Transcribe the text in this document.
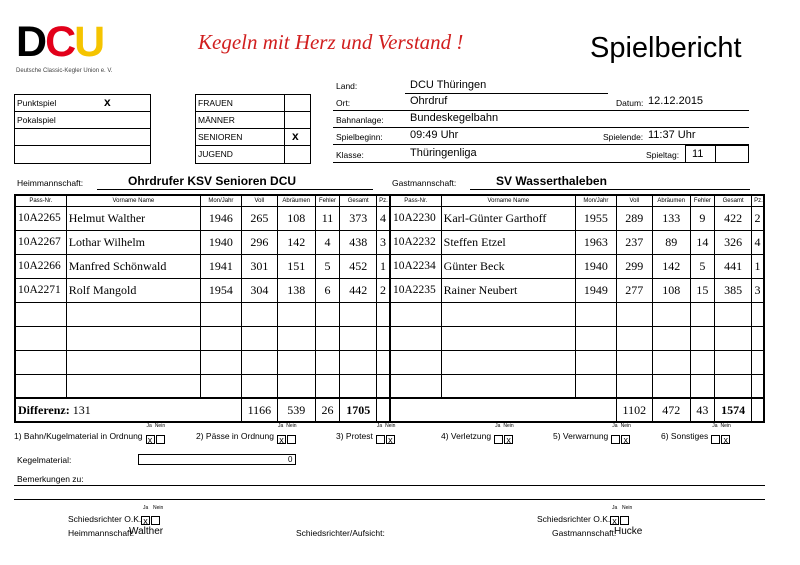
DCU
Deutsche Classic-Kegler Union e. V.
Kegeln mit Herz und Verstand !	Spielbericht
Punktspiel	x
Pokalspiel
FRAUEN
MÄNNER
SENIOREN	x
JUGEND
Land:	DCU Thüringen
Ort:	Ohrdruf	Datum: 12.12.2015
Bahnanlage: Bundeskegelbahn
Spielbeginn: 09:49 Uhr	Spielende: 11:37 Uhr
Klasse:	Thüringenliga	Spieltag: 11
Heimmannschaft:	Ohrdrufer KSV Senioren DCU	Gastmannschaft:	SV Wasserthaleben
Pass-Nr.	Vorname Name	Mon/Jahr	Voll	Abräumen	Fehler	Gesamt	Pz.	Pass-Nr.	Vorname Name	Mon/Jahr	Voll	Abräumen	Fehler	Gesamt	Pz.
10A2265	Helmut Walther	1946	265	108	11	373	4	10A2230	Karl-Günter Garthoff	1955	289	133	9	422	2
10A2267	Lothar Wilhelm	1940	296	142	4	438	3	10A2232	Steffen Etzel	1963	237	89	14	326	4
10A2266	Manfred Schönwald	1941	301	151	5	452	1	10A2234	Günter Beck	1940	299	142	5	441	1
10A2271	Rolf Mangold	1954	304	138	6	442	2	10A2235	Rainer Neubert	1949	277	108	15	385	3

Differenz: 131			1166	539	26	1705					1102	472	43	1574	
1) Bahn/Kugelmaterial in Ordnung
Ja Nein
x	2) Pässe in Ordnung
Ja Nein
x	3) Protest
Ja Nein
x	4) Verletzung
Ja Nein
x	5) Verwarnung
Ja Nein
x	6) Sonstiges
Ja Nein
x
Kegelmaterial:	0
Bemerkungen zu:
Ja Nein
Schiedsrichter O.K. x
Ja Nein
Schiedsrichter O.K. x
Heimmannschaft:
Walther	Schiedsrichter/Aufsicht:	Gastmannschaft:
Hucke
